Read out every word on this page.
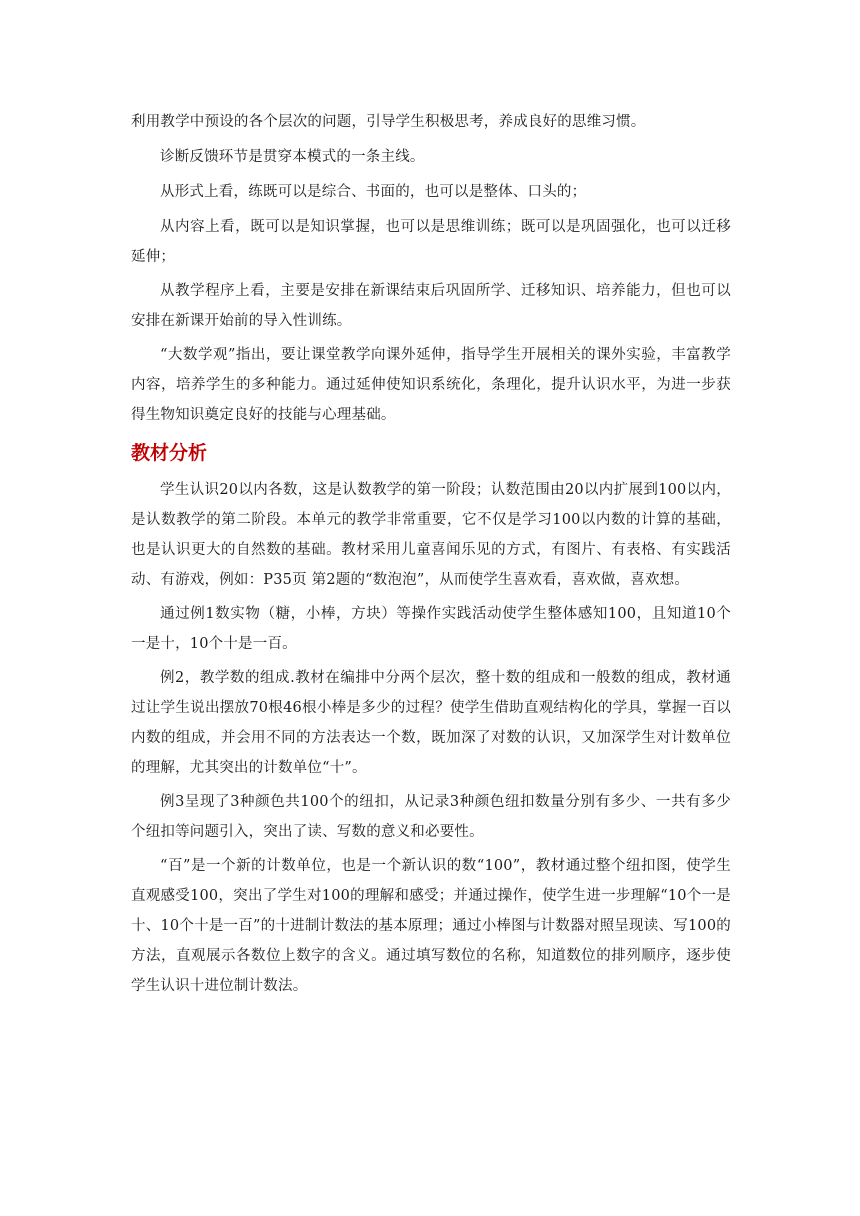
利用教学中预设的各个层次的问题，引导学生积极思考，养成良好的思维习惯。

诊断反馈环节是贯穿本模式的一条主线。

从形式上看，练既可以是综合、书面的，也可以是整体、口头的；

从内容上看，既可以是知识掌握，也可以是思维训练；既可以是巩固强化，也可以迁移延伸；

从教学程序上看，主要是安排在新课结束后巩固所学、迁移知识、培养能力，但也可以安排在新课开始前的导入性训练。

“大数学观”指出，要让课堂教学向课外延伸，指导学生开展相关的课外实验，丰富教学内容，培养学生的多种能力。通过延伸使知识系统化，条理化，提升认识水平，为进一步获得生物知识奠定良好的技能与心理基础。

教材分析

学生认识20以内各数，这是认数教学的第一阶段；认数范围由20以内扩展到100以内，是认数教学的第二阶段。本单元的教学非常重要，它不仅是学习100以内数的计算的基础，也是认识更大的自然数的基础。教材采用儿童喜闻乐见的方式，有图片、有表格、有实践活动、有游戏，例如：P35页 第2题的“数泡泡”，从而使学生喜欢看，喜欢做，喜欢想。

通过例1数实物（糖，小棒，方块）等操作实践活动使学生整体感知100，且知道10个一是十，10个十是一百。

例2，教学数的组成.教材在编排中分两个层次，整十数的组成和一般数的组成，教材通过让学生说出摆放70根46根小棒是多少的过程？使学生借助直观结构化的学具，掌握一百以内数的组成，并会用不同的方法表达一个数，既加深了对数的认识，又加深学生对计数单位的理解，尤其突出的计数单位“十”。

例3呈现了3种颜色共100个的纽扣，从记录3种颜色纽扣数量分别有多少、一共有多少个纽扣等问题引入，突出了读、写数的意义和必要性。

“百”是一个新的计数单位，也是一个新认识的数“100”，教材通过整个纽扣图，使学生直观感受100，突出了学生对100的理解和感受；并通过操作，使学生进一步理解“10个一是十、10个十是一百”的十进制计数法的基本原理；通过小棒图与计数器对照呈现读、写100的方法，直观展示各数位上数字的含义。通过填写数位的名称，知道数位的排列顺序，逐步使学生认识十进位制计数法。
